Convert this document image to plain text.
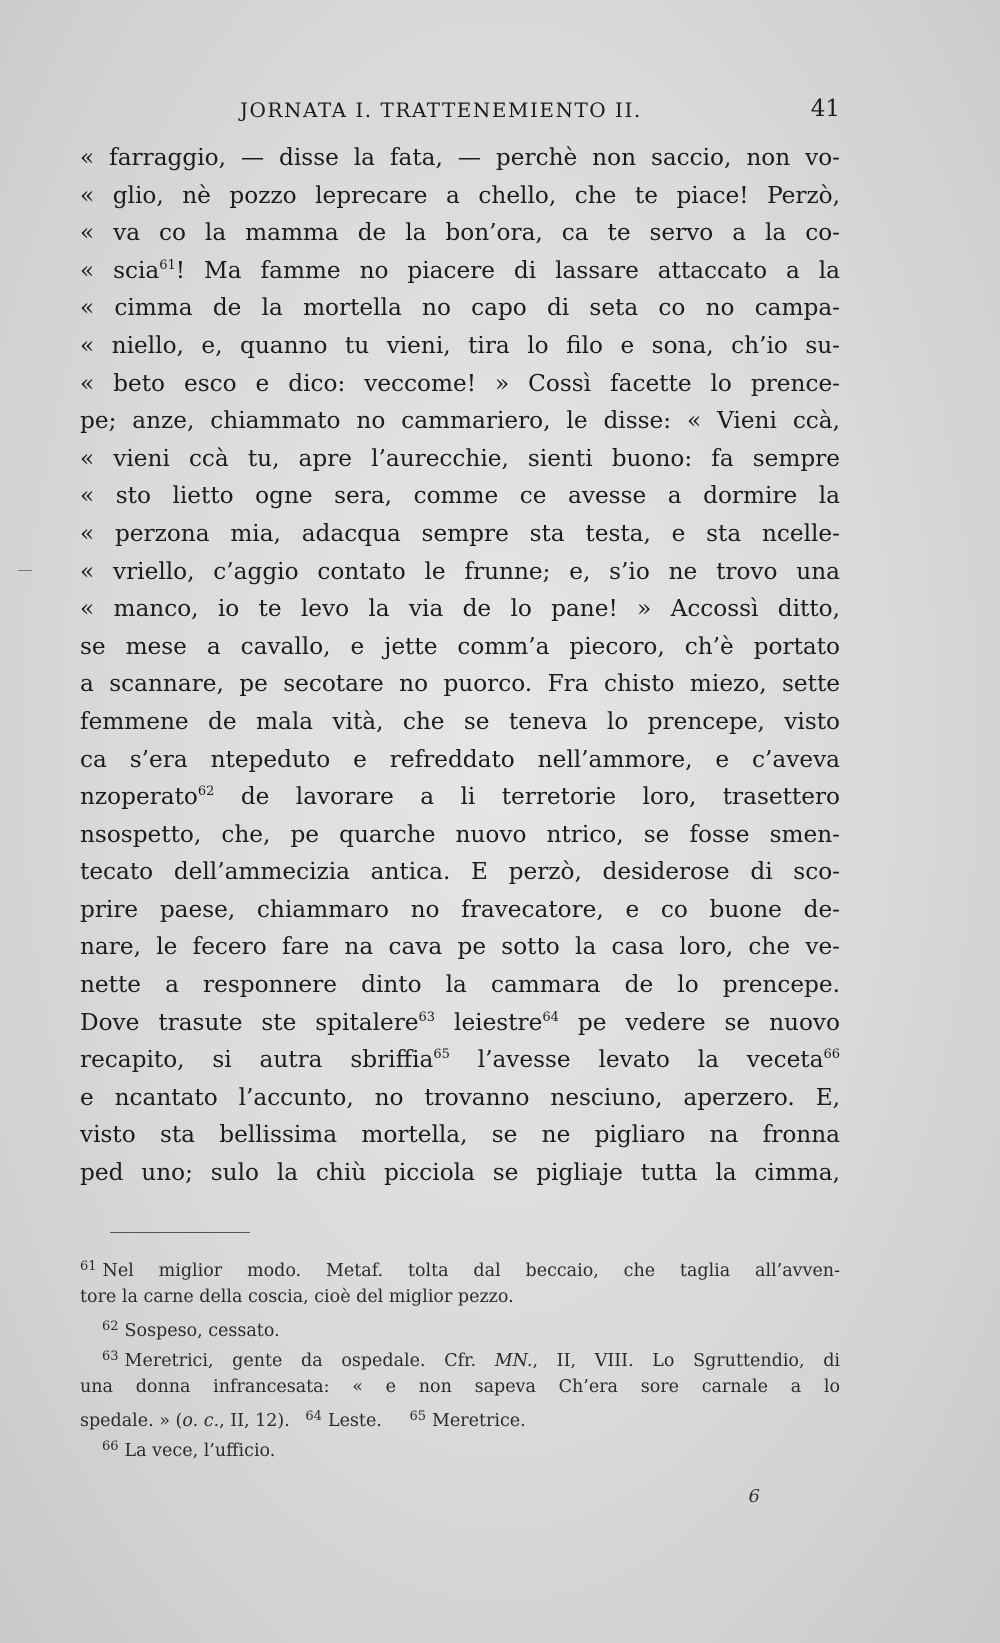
JORNATA I. TRATTENEMIENTO II.	41
« farraggio, — disse la fata, — perchè non saccio, non vo-
« glio, nè pozzo leprecare a chello, che te piace! Perzò,
« va co la mamma de la bon’ora, ca te servo a la co-
« scia$^{61}$! Ma famme no piacere di lassare attaccato a la
« cimma de la mortella no capo di seta co no campa-
« niello, e, quanno tu vieni, tira lo filo e sona, ch’io su-
« beto esco e dico: veccome! » Cossì facette lo prence-
pe; anze, chiammato no cammariero, le disse: « Vieni ccà,
« vieni ccà tu, apre l’aurecchie, sienti buono: fa sempre
« sto lietto ogne sera, comme ce avesse a dormire la
« perzona mia, adacqua sempre sta testa, e sta ncelle-
« vriello, c’aggio contato le frunne; e, s’io ne trovo una
« manco, io te levo la via de lo pane! » Accossì ditto,
se mese a cavallo, e jette comm’a piecoro, ch’è portato
a scannare, pe secotare no puorco. Fra chisto miezo, sette
femmene de mala vità, che se teneva lo prencepe, visto
ca s’era ntepeduto e refreddato nell’ammore, e c’aveva
nzoperato$^{62}$ de lavorare a li terretorie loro, trasettero
nsospetto, che, pe quarche nuovo ntrico, se fosse smen-
tecato dell’ammecizia antica. E perzò, desiderose di sco-
prire paese, chiammaro no fravecatore, e co buone de-
nare, le fecero fare na cava pe sotto la casa loro, che ve-
nette a responnere dinto la cammara de lo prencepe.
Dove trasute ste spitalere$^{63}$ leiestre$^{64}$ pe vedere se nuovo
recapito, si autra sbriffia$^{65}$ l’avesse levato la veceta$^{66}$
e ncantato l’accunto, no trovanno nesciuno, aperzero. E,
visto sta bellissima mortella, se ne pigliaro na fronna
ped uno; sulo la chiù picciola se pigliaje tutta la cimma,
$^{61}$ Nel miglior modo. Metaf. tolta dal beccaio, che taglia all’avven-
tore la carne della coscia, cioè del miglior pezzo.
$^{62}$ Sospeso, cessato.
$^{63}$ Meretrici, gente da ospedale. Cfr. MN., II, VIII. Lo Sgruttendio, di
una donna infrancesata: « e non sapeva Ch’era sore carnale a lo
spedale. » (o. c., II, 12). $^{64}$ Leste. $^{65}$ Meretrice.
$^{66}$ La vece, l’ufficio.
6
